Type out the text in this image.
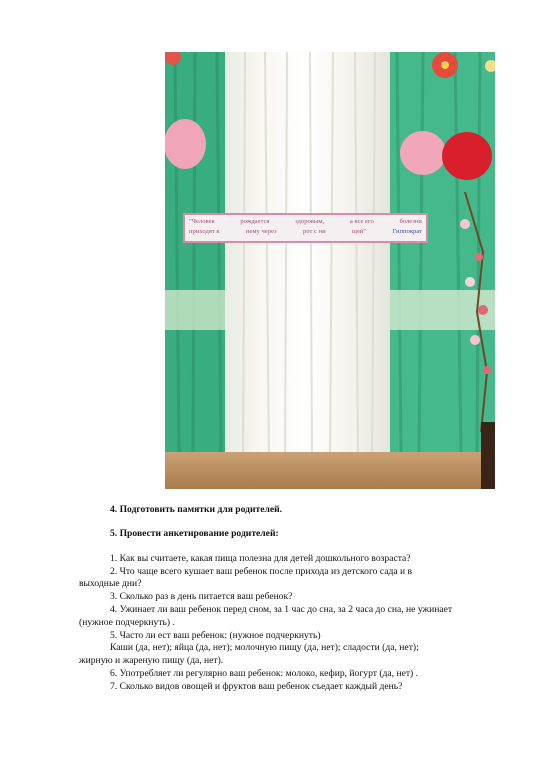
"Человек	рождается	здоровым,	а все его	болезни
приходят к	нему через	рот с ни	щей"	Гиппократ
4. Подготовить памятки для родителей.
5. Провести анкетирование родителей:
1. Как вы считаете, какая пища полезна для детей дошкольного возраста?
2. Что чаще всего кушает ваш ребенок после прихода из детского сада и в
выходные дни?
3. Сколько раз в день питается ваш ребенок?
4. Ужинает ли ваш ребенок перед сном, за 1 час до сна, за 2 часа до сна, не ужинает
(нужное подчеркнуть) .
5. Часто ли ест ваш ребенок: (нужное подчеркнуть)
Каши (да, нет); яйца (да, нет); молочную пищу (да, нет); сладости (да, нет);
жирную и жареную пищу (да, нет).
6. Употребляет ли регулярно ваш ребенок: молоко, кефир, йогурт (да, нет) .
7. Сколько видов овощей и фруктов ваш ребенок съедает каждый день?
